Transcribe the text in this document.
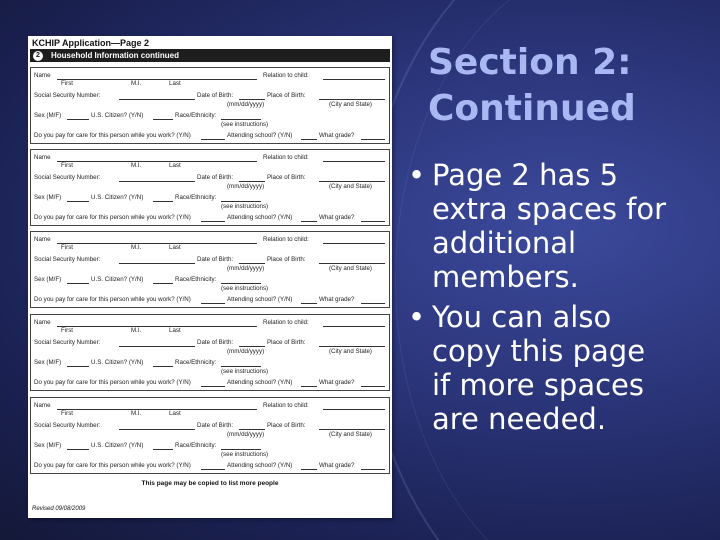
KCHIP Application—Page 2
2	Household Information continued
Name	Relation to child:
First	M.I.	Last
Social Security Number:	Date of Birth:	Place of Birth:
(mm/dd/yyyy)	(City and State)
Sex (M/F)	U.S. Citizen? (Y/N)	Race/Ethnicity:
(see instructions)
Do you pay for care for this person while you work? (Y/N)	Attending school? (Y/N)	What grade?
Name	Relation to child:
First	M.I.	Last
Social Security Number:	Date of Birth:	Place of Birth:
(mm/dd/yyyy)	(City and State)
Sex (M/F)	U.S. Citizen? (Y/N)	Race/Ethnicity:
(see instructions)
Do you pay for care for this person while you work? (Y/N)	Attending school? (Y/N)	What grade?
Name	Relation to child:
First	M.I.	Last
Social Security Number:	Date of Birth:	Place of Birth:
(mm/dd/yyyy)	(City and State)
Sex (M/F)	U.S. Citizen? (Y/N)	Race/Ethnicity:
(see instructions)
Do you pay for care for this person while you work? (Y/N)	Attending school? (Y/N)	What grade?
Name	Relation to child:
First	M.I.	Last
Social Security Number:	Date of Birth:	Place of Birth:
(mm/dd/yyyy)	(City and State)
Sex (M/F)	U.S. Citizen? (Y/N)	Race/Ethnicity:
(see instructions)
Do you pay for care for this person while you work? (Y/N)	Attending school? (Y/N)	What grade?
Name	Relation to child:
First	M.I.	Last
Social Security Number:	Date of Birth:	Place of Birth:
(mm/dd/yyyy)	(City and State)
Sex (M/F)	U.S. Citizen? (Y/N)	Race/Ethnicity:
(see instructions)
Do you pay for care for this person while you work? (Y/N)	Attending school? (Y/N)	What grade?
This page may be copied to list more people
Revised 09/08/2009
Section 2:
Continued
• Page 2 has 5
extra spaces for
additional
members.
• You can also
copy this page
if more spaces
are needed.
